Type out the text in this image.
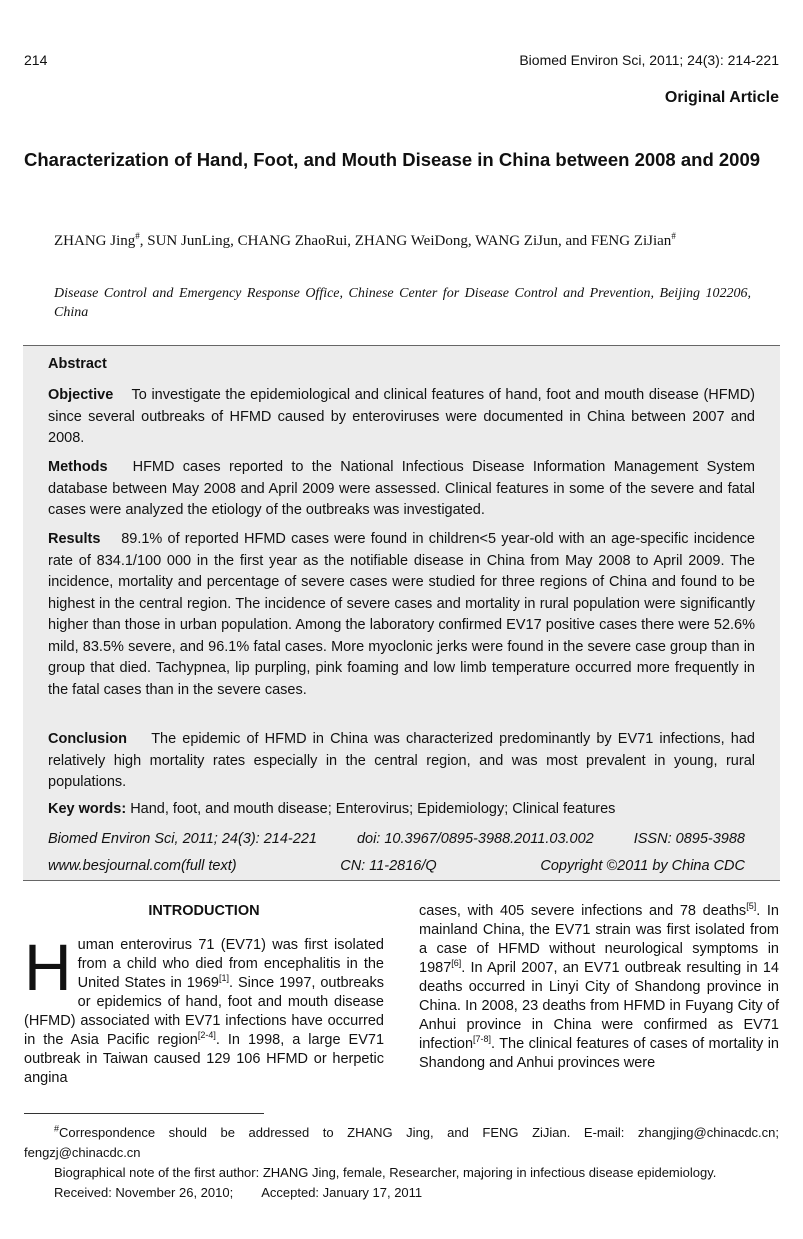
214	Biomed Environ Sci, 2011; 24(3): 214-221
Original Article
Characterization of Hand, Foot, and Mouth Disease in China between 2008 and 2009
ZHANG Jing#, SUN JunLing, CHANG ZhaoRui, ZHANG WeiDong, WANG ZiJun, and FENG ZiJian#
Disease Control and Emergency Response Office, Chinese Center for Disease Control and Prevention, Beijing 102206, China
Abstract
Objective To investigate the epidemiological and clinical features of hand, foot and mouth disease (HFMD) since several outbreaks of HFMD caused by enteroviruses were documented in China between 2007 and 2008.
Methods HFMD cases reported to the National Infectious Disease Information Management System database between May 2008 and April 2009 were assessed. Clinical features in some of the severe and fatal cases were analyzed the etiology of the outbreaks was investigated.
Results 89.1% of reported HFMD cases were found in children<5 year-old with an age-specific incidence rate of 834.1/100 000 in the first year as the notifiable disease in China from May 2008 to April 2009. The incidence, mortality and percentage of severe cases were studied for three regions of China and found to be highest in the central region. The incidence of severe cases and mortality in rural population were significantly higher than those in urban population. Among the laboratory confirmed EV17 positive cases there were 52.6% mild, 83.5% severe, and 96.1% fatal cases. More myoclonic jerks were found in the severe case group than in group that died. Tachypnea, lip purpling, pink foaming and low limb temperature occurred more frequently in the fatal cases than in the severe cases.
Conclusion The epidemic of HFMD in China was characterized predominantly by EV71 infections, had relatively high mortality rates especially in the central region, and was most prevalent in young, rural populations.
Key words: Hand, foot, and mouth disease; Enterovirus; Epidemiology; Clinical features
Biomed Environ Sci, 2011; 24(3): 214-221	doi: 10.3967/0895-3988.2011.03.002	ISSN: 0895-3988
www.besjournal.com(full text)	CN: 11-2816/Q	Copyright ©2011 by China CDC
INTRODUCTION

Human enterovirus 71 (EV71) was first isolated from a child who died from encephalitis in the United States in 1969[1]. Since 1997, outbreaks or epidemics of hand, foot and mouth disease (HFMD) associated with EV71 infections have occurred in the Asia Pacific region[2-4]. In 1998, a large EV71 outbreak in Taiwan caused 129 106 HFMD or herpetic angina

cases, with 405 severe infections and 78 deaths[5]. In mainland China, the EV71 strain was first isolated from a case of HFMD without neurological symptoms in 1987[6]. In April 2007, an EV71 outbreak resulting in 14 deaths occurred in Linyi City of Shandong province in China. In 2008, 23 deaths from HFMD in Fuyang City of Anhui province in China were confirmed as EV71 infection[7-8]. The clinical features of cases of mortality in Shandong and Anhui provinces were

#Correspondence should be addressed to ZHANG Jing, and FENG ZiJian. E-mail: zhangjing@chinacdc.cn; fengzj@chinacdc.cn
Biographical note of the first author: ZHANG Jing, female, Researcher, majoring in infectious disease epidemiology.
Received: November 26, 2010; Accepted: January 17, 2011
